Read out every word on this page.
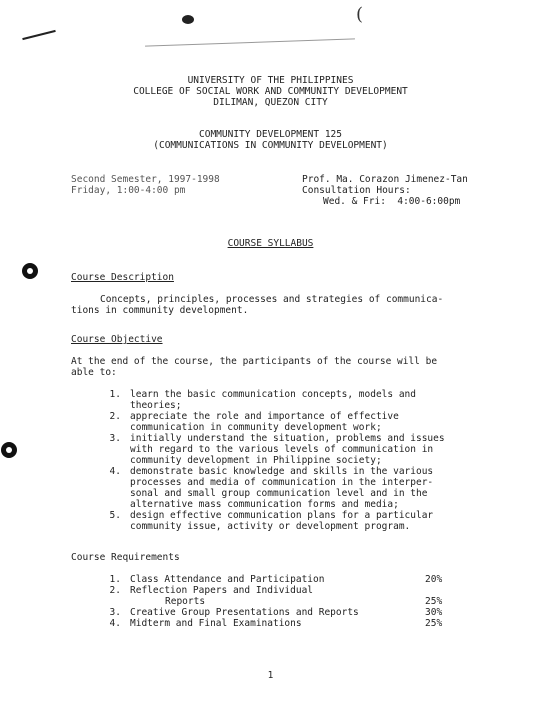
(
UNIVERSITY OF THE PHILIPPINES
COLLEGE OF SOCIAL WORK AND COMMUNITY DEVELOPMENT
DILIMAN, QUEZON CITY
COMMUNITY DEVELOPMENT 125
(COMMUNICATIONS IN COMMUNITY DEVELOPMENT)
Second Semester, 1997-1998
Friday, 1:00-4:00 pm
Prof. Ma. Corazon Jimenez-Tan
Consultation Hours:
Wed. & Fri:  4:00-6:00pm
COURSE SYLLABUS
Course Description
Concepts, principles, processes and strategies of communica-
tions in community development.
Course Objective
At the end of the course, the participants of the course will be
able to:
1. learn the basic communication concepts, models and
theories;
2. appreciate the role and importance of effective
communication in community development work;
3. initially understand the situation, problems and issues
with regard to the various levels of communication in
community development in Philippine society;
4. demonstrate basic knowledge and skills in the various
processes and media of communication in the interper-
sonal and small group communication level and in the
alternative mass communication forms and media;
5. design effective communication plans for a particular
community issue, activity or development program.
Course Requirements
1. Class Attendance and Participation	20%
2. Reflection Papers and Individual
Reports	25%
3. Creative Group Presentations and Reports	30%
4. Midterm and Final Examinations	25%
1
